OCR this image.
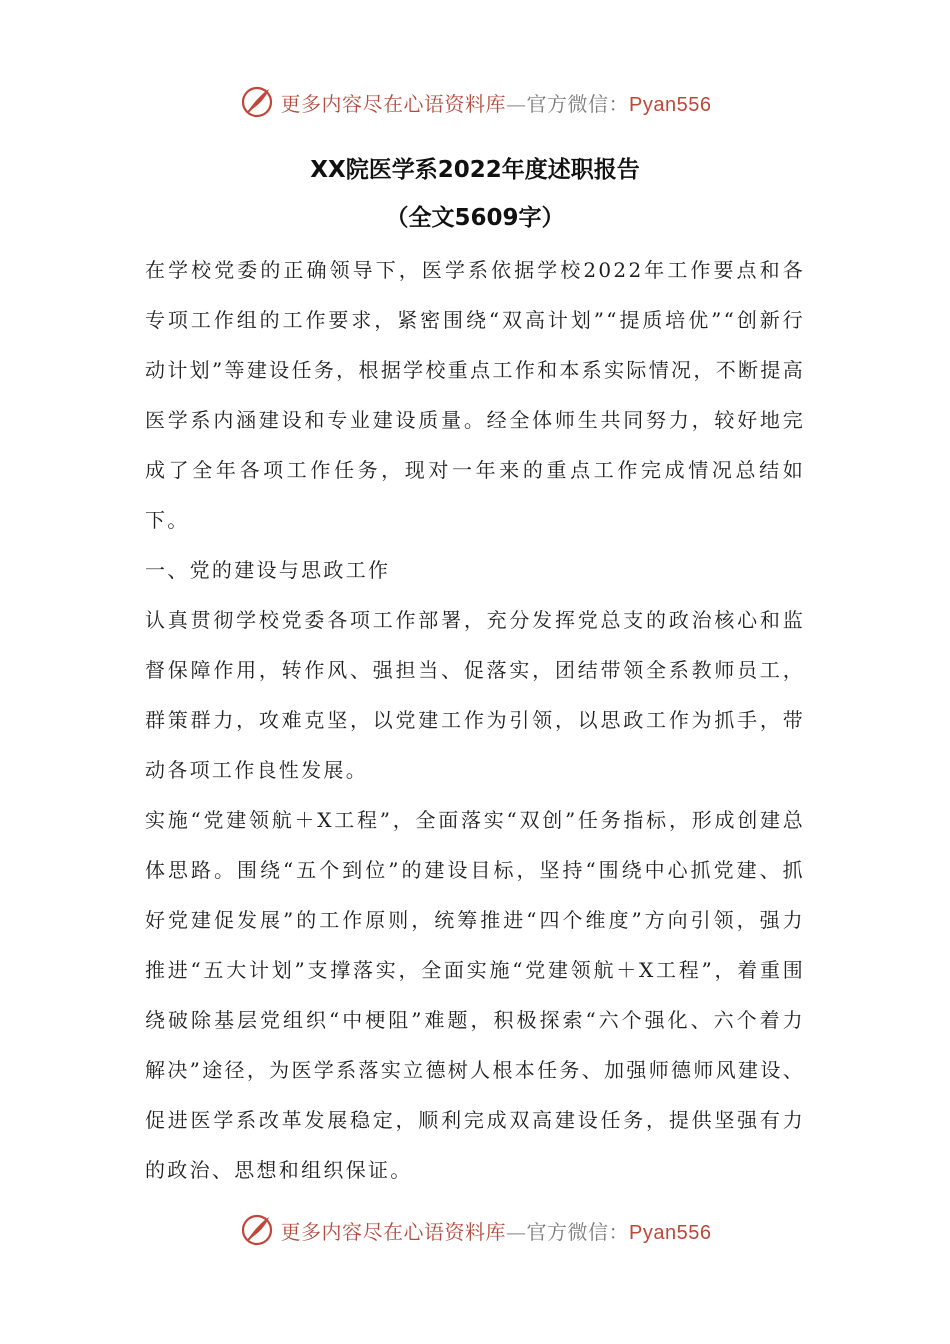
更多内容尽在心语资料库—官方微信：Pyan556
XX院医学系2022年度述职报告
（全文5609字）

在学校党委的正确领导下，医学系依据学校2022年工作要点和各专项工作组的工作要求，紧密围绕“双高计划”“提质培优”“创新行动计划”等建设任务，根据学校重点工作和本系实际情况，不断提高医学系内涵建设和专业建设质量。经全体师生共同努力，较好地完成了全年各项工作任务，现对一年来的重点工作完成情况总结如下。

一、党的建设与思政工作

认真贯彻学校党委各项工作部署，充分发挥党总支的政治核心和监督保障作用，转作风、强担当、促落实，团结带领全系教师员工，群策群力，攻难克坚，以党建工作为引领，以思政工作为抓手，带动各项工作良性发展。

实施“党建领航＋X工程”，全面落实“双创”任务指标，形成创建总体思路。围绕“五个到位”的建设目标，坚持“围绕中心抓党建、抓好党建促发展”的工作原则，统筹推进“四个维度”方向引领，强力推进“五大计划”支撑落实，全面实施“党建领航＋X工程”，着重围绕破除基层党组织“中梗阻”难题，积极探索“六个强化、六个着力解决”途径，为医学系落实立德树人根本任务、加强师德师风建设、促进医学系改革发展稳定，顺利完成双高建设任务，提供坚强有力的政治、思想和组织保证。

更多内容尽在心语资料库—官方微信：Pyan556
